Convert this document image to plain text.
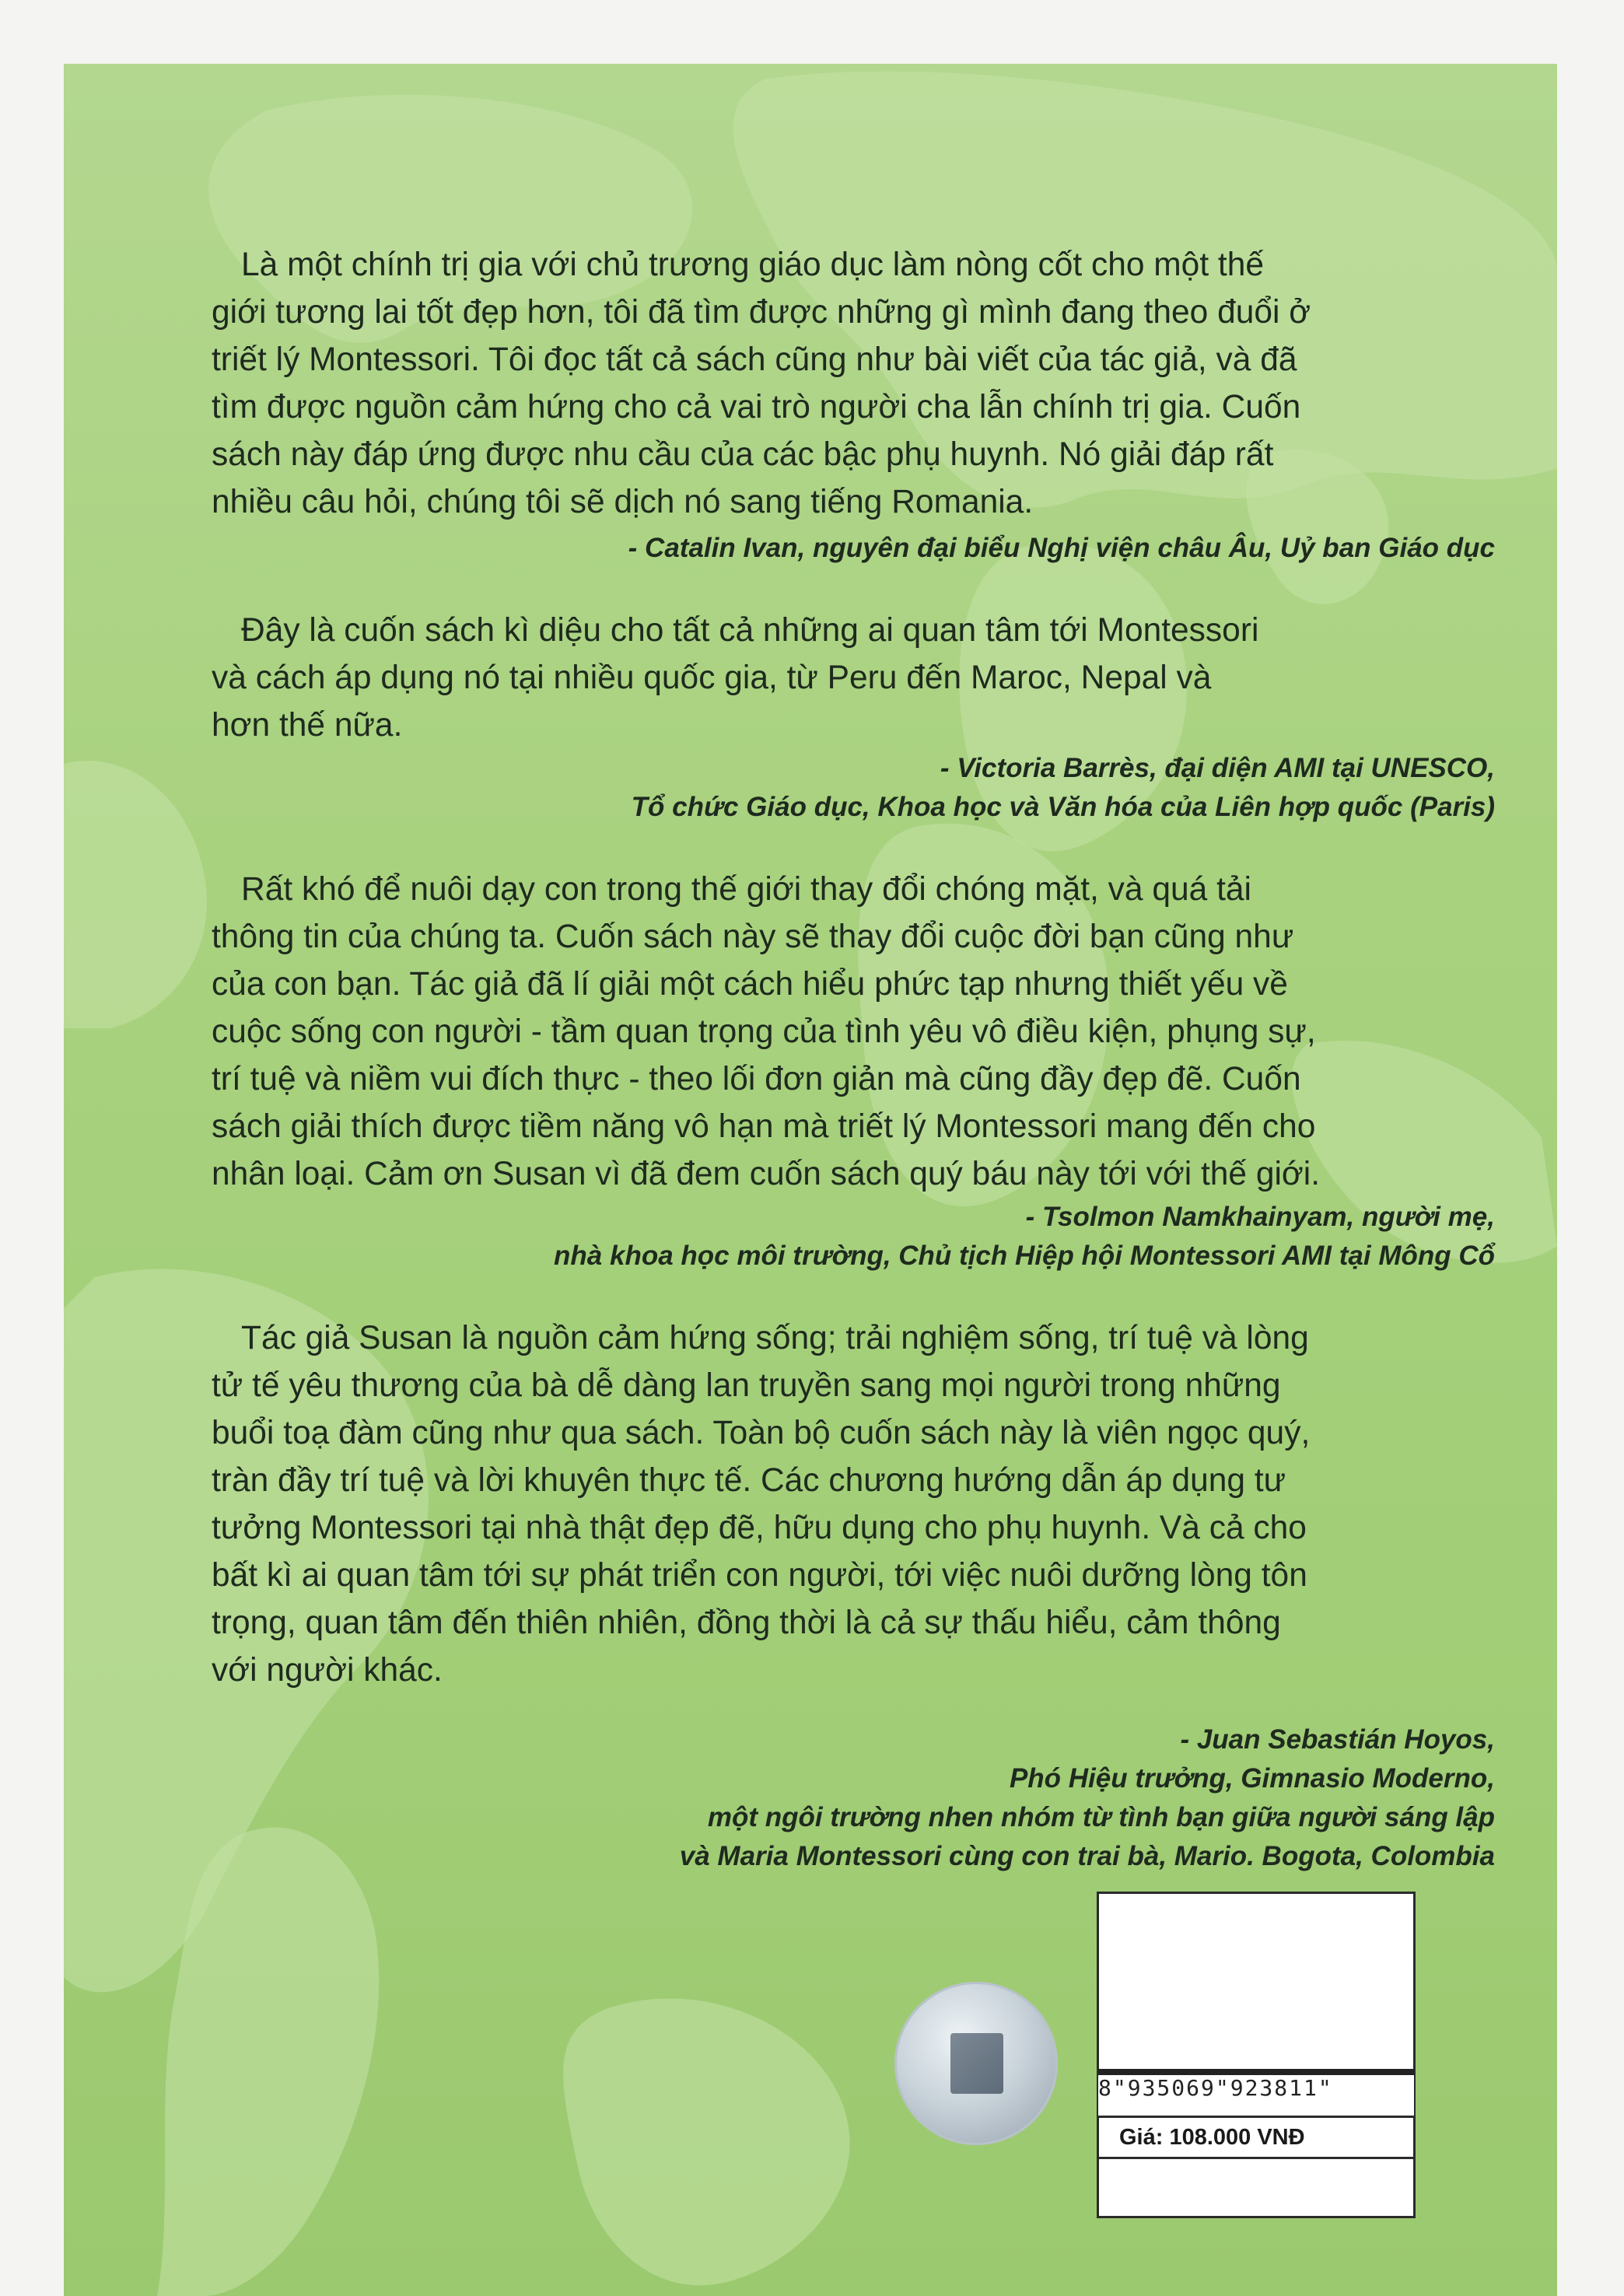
Là một chính trị gia với chủ trương giáo dục làm nòng cốt cho một thế
giới tương lai tốt đẹp hơn, tôi đã tìm được những gì mình đang theo đuổi ở
triết lý Montessori. Tôi đọc tất cả sách cũng như bài viết của tác giả, và đã
tìm được nguồn cảm hứng cho cả vai trò người cha lẫn chính trị gia. Cuốn
sách này đáp ứng được nhu cầu của các bậc phụ huynh. Nó giải đáp rất
nhiều câu hỏi, chúng tôi sẽ dịch nó sang tiếng Romania.

- Catalin Ivan, nguyên đại biểu Nghị viện châu Âu, Uỷ ban Giáo dục

Đây là cuốn sách kì diệu cho tất cả những ai quan tâm tới Montessori
và cách áp dụng nó tại nhiều quốc gia, từ Peru đến Maroc, Nepal và
hơn thế nữa.

- Victoria Barrès, đại diện AMI tại UNESCO,
Tổ chức Giáo dục, Khoa học và Văn hóa của Liên hợp quốc (Paris)

Rất khó để nuôi dạy con trong thế giới thay đổi chóng mặt, và quá tải
thông tin của chúng ta. Cuốn sách này sẽ thay đổi cuộc đời bạn cũng như
của con bạn. Tác giả đã lí giải một cách hiểu phức tạp nhưng thiết yếu về
cuộc sống con người - tầm quan trọng của tình yêu vô điều kiện, phụng sự,
trí tuệ và niềm vui đích thực - theo lối đơn giản mà cũng đầy đẹp đẽ. Cuốn
sách giải thích được tiềm năng vô hạn mà triết lý Montessori mang đến cho
nhân loại. Cảm ơn Susan vì đã đem cuốn sách quý báu này tới với thế giới.

- Tsolmon Namkhainyam, người mẹ,
nhà khoa học môi trường, Chủ tịch Hiệp hội Montessori AMI tại Mông Cổ

Tác giả Susan là nguồn cảm hứng sống; trải nghiệm sống, trí tuệ và lòng
tử tế yêu thương của bà dễ dàng lan truyền sang mọi người trong những
buổi toạ đàm cũng như qua sách. Toàn bộ cuốn sách này là viên ngọc quý,
tràn đầy trí tuệ và lời khuyên thực tế. Các chương hướng dẫn áp dụng tư
tưởng Montessori tại nhà thật đẹp đẽ, hữu dụng cho phụ huynh. Và cả cho
bất kì ai quan tâm tới sự phát triển con người, tới việc nuôi dưỡng lòng tôn
trọng, quan tâm đến thiên nhiên, đồng thời là cả sự thấu hiểu, cảm thông
với người khác.

- Juan Sebastián Hoyos,
Phó Hiệu trưởng, Gimnasio Moderno,
một ngôi trường nhen nhóm từ tình bạn giữa người sáng lập
và Maria Montessori cùng con trai bà, Mario. Bogota, Colombia

8"935069"923811"
Giá: 108.000 VNĐ
